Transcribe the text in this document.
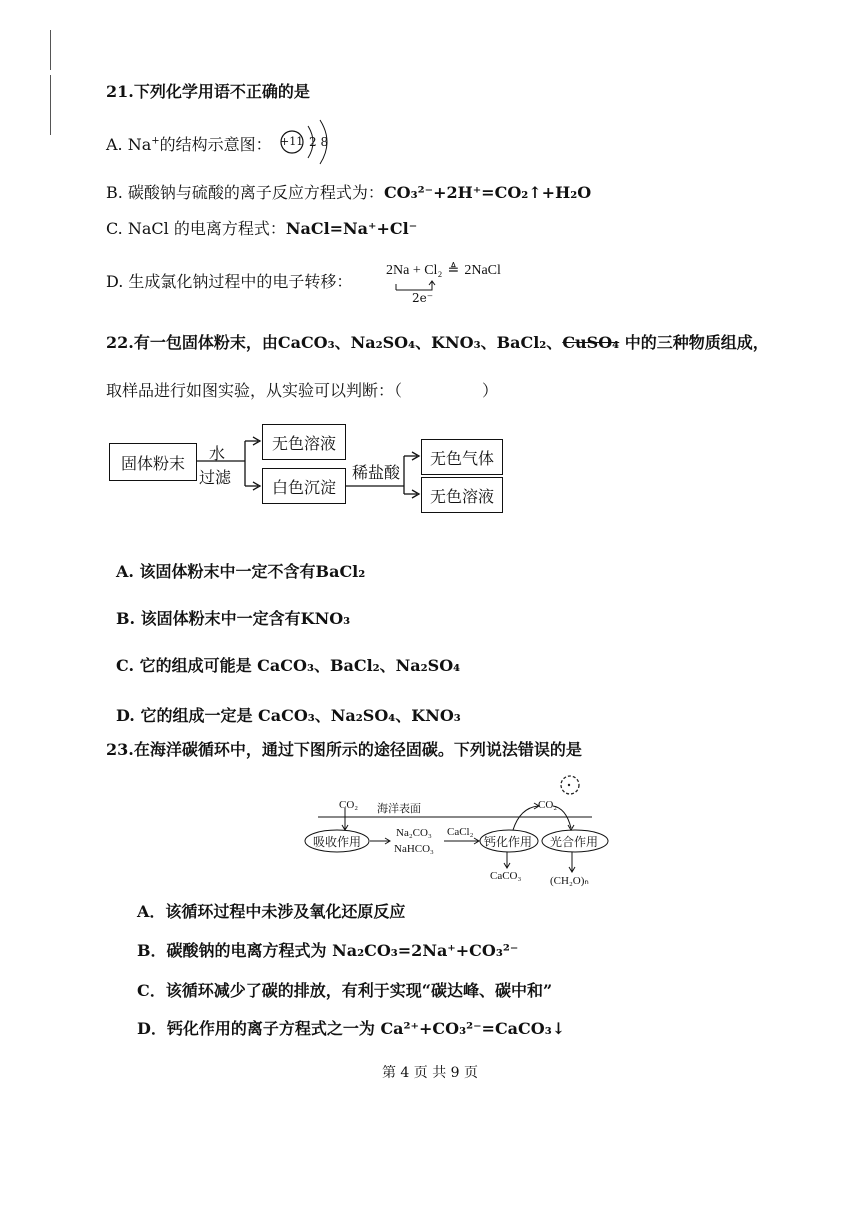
21.下列化学用语不正确的是
A. Na+的结构示意图： +11 2 8
B. 碳酸钠与硫酸的离子反应方程式为：CO₃²⁻+2H⁺=CO₂↑+H₂O
C. NaCl 的电离方程式：NaCl=Na⁺+Cl⁻
D. 生成氯化钠过程中的电子转移：
2Na + Cl₂ ≜ 2NaCl
2e⁻
22.有一包固体粉末，由CaCO₃、Na₂SO₄、KNO₃、BaCl₂、CuSO₄ 中的三种物质组成，
取样品进行如图实验，从实验可以判断：（　　　　　）
固体粉末	水
过滤
无色溶液
白色沉淀
稀盐酸
无色气体
无色溶液
A. 该固体粉末中一定不含有BaCl₂
B. 该固体粉末中一定含有KNO₃
C. 它的组成可能是 CaCO₃、BaCl₂、Na₂SO₄
D. 它的组成一定是 CaCO₃、Na₂SO₄、KNO₃
23.在海洋碳循环中，通过下图所示的途径固碳。下列说法错误的是
CO₂ 海洋表面	CO₂
吸收作用
Na₂CO₃
NaHCO₃
CaCl₂
钙化作用 光合作用
CaCO₃	(CH₂O)ₙ
A．该循环过程中未涉及氧化还原反应
B．碳酸钠的电离方程式为 Na₂CO₃=2Na⁺+CO₃²⁻
C．该循环减少了碳的排放，有利于实现“碳达峰、碳中和”
D．钙化作用的离子方程式之一为 Ca²⁺+CO₃²⁻=CaCO₃↓
第 4 页 共 9 页
